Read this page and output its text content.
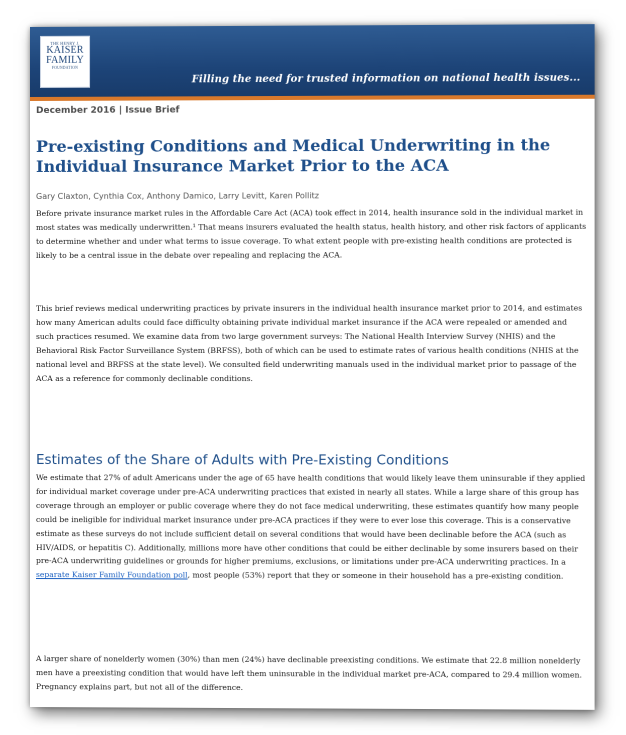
THE HENRY J.
KAISER
FAMILY
FOUNDATION
Filling the need for trusted information on national health issues...
December 2016 | Issue Brief
Pre-existing Conditions and Medical Underwriting in the Individual Insurance Market Prior to the ACA
Gary Claxton, Cynthia Cox, Anthony Damico, Larry Levitt, Karen Pollitz

Before private insurance market rules in the Affordable Care Act (ACA) took effect in 2014, health insurance sold in the individual market in most states was medically underwritten.¹ That means insurers evaluated the health status, health history, and other risk factors of applicants to determine whether and under what terms to issue coverage. To what extent people with pre-existing health conditions are protected is likely to be a central issue in the debate over repealing and replacing the ACA.

This brief reviews medical underwriting practices by private insurers in the individual health insurance market prior to 2014, and estimates how many American adults could face difficulty obtaining private individual market insurance if the ACA were repealed or amended and such practices resumed. We examine data from two large government surveys: The National Health Interview Survey (NHIS) and the Behavioral Risk Factor Surveillance System (BRFSS), both of which can be used to estimate rates of various health conditions (NHIS at the national level and BRFSS at the state level). We consulted field underwriting manuals used in the individual market prior to passage of the ACA as a reference for commonly declinable conditions.

Estimates of the Share of Adults with Pre-Existing Conditions

We estimate that 27% of adult Americans under the age of 65 have health conditions that would likely leave them uninsurable if they applied for individual market coverage under pre-ACA underwriting practices that existed in nearly all states. While a large share of this group has coverage through an employer or public coverage where they do not face medical underwriting, these estimates quantify how many people could be ineligible for individual market insurance under pre-ACA practices if they were to ever lose this coverage. This is a conservative estimate as these surveys do not include sufficient detail on several conditions that would have been declinable before the ACA (such as HIV/AIDS, or hepatitis C). Additionally, millions more have other conditions that could be either declinable by some insurers based on their pre-ACA underwriting guidelines or grounds for higher premiums, exclusions, or limitations under pre-ACA underwriting practices. In a separate Kaiser Family Foundation poll, most people (53%) report that they or someone in their household has a pre-existing condition.

A larger share of nonelderly women (30%) than men (24%) have declinable preexisting conditions. We estimate that 22.8 million nonelderly men have a preexisting condition that would have left them uninsurable in the individual market pre-ACA, compared to 29.4 million women. Pregnancy explains part, but not all of the difference.
